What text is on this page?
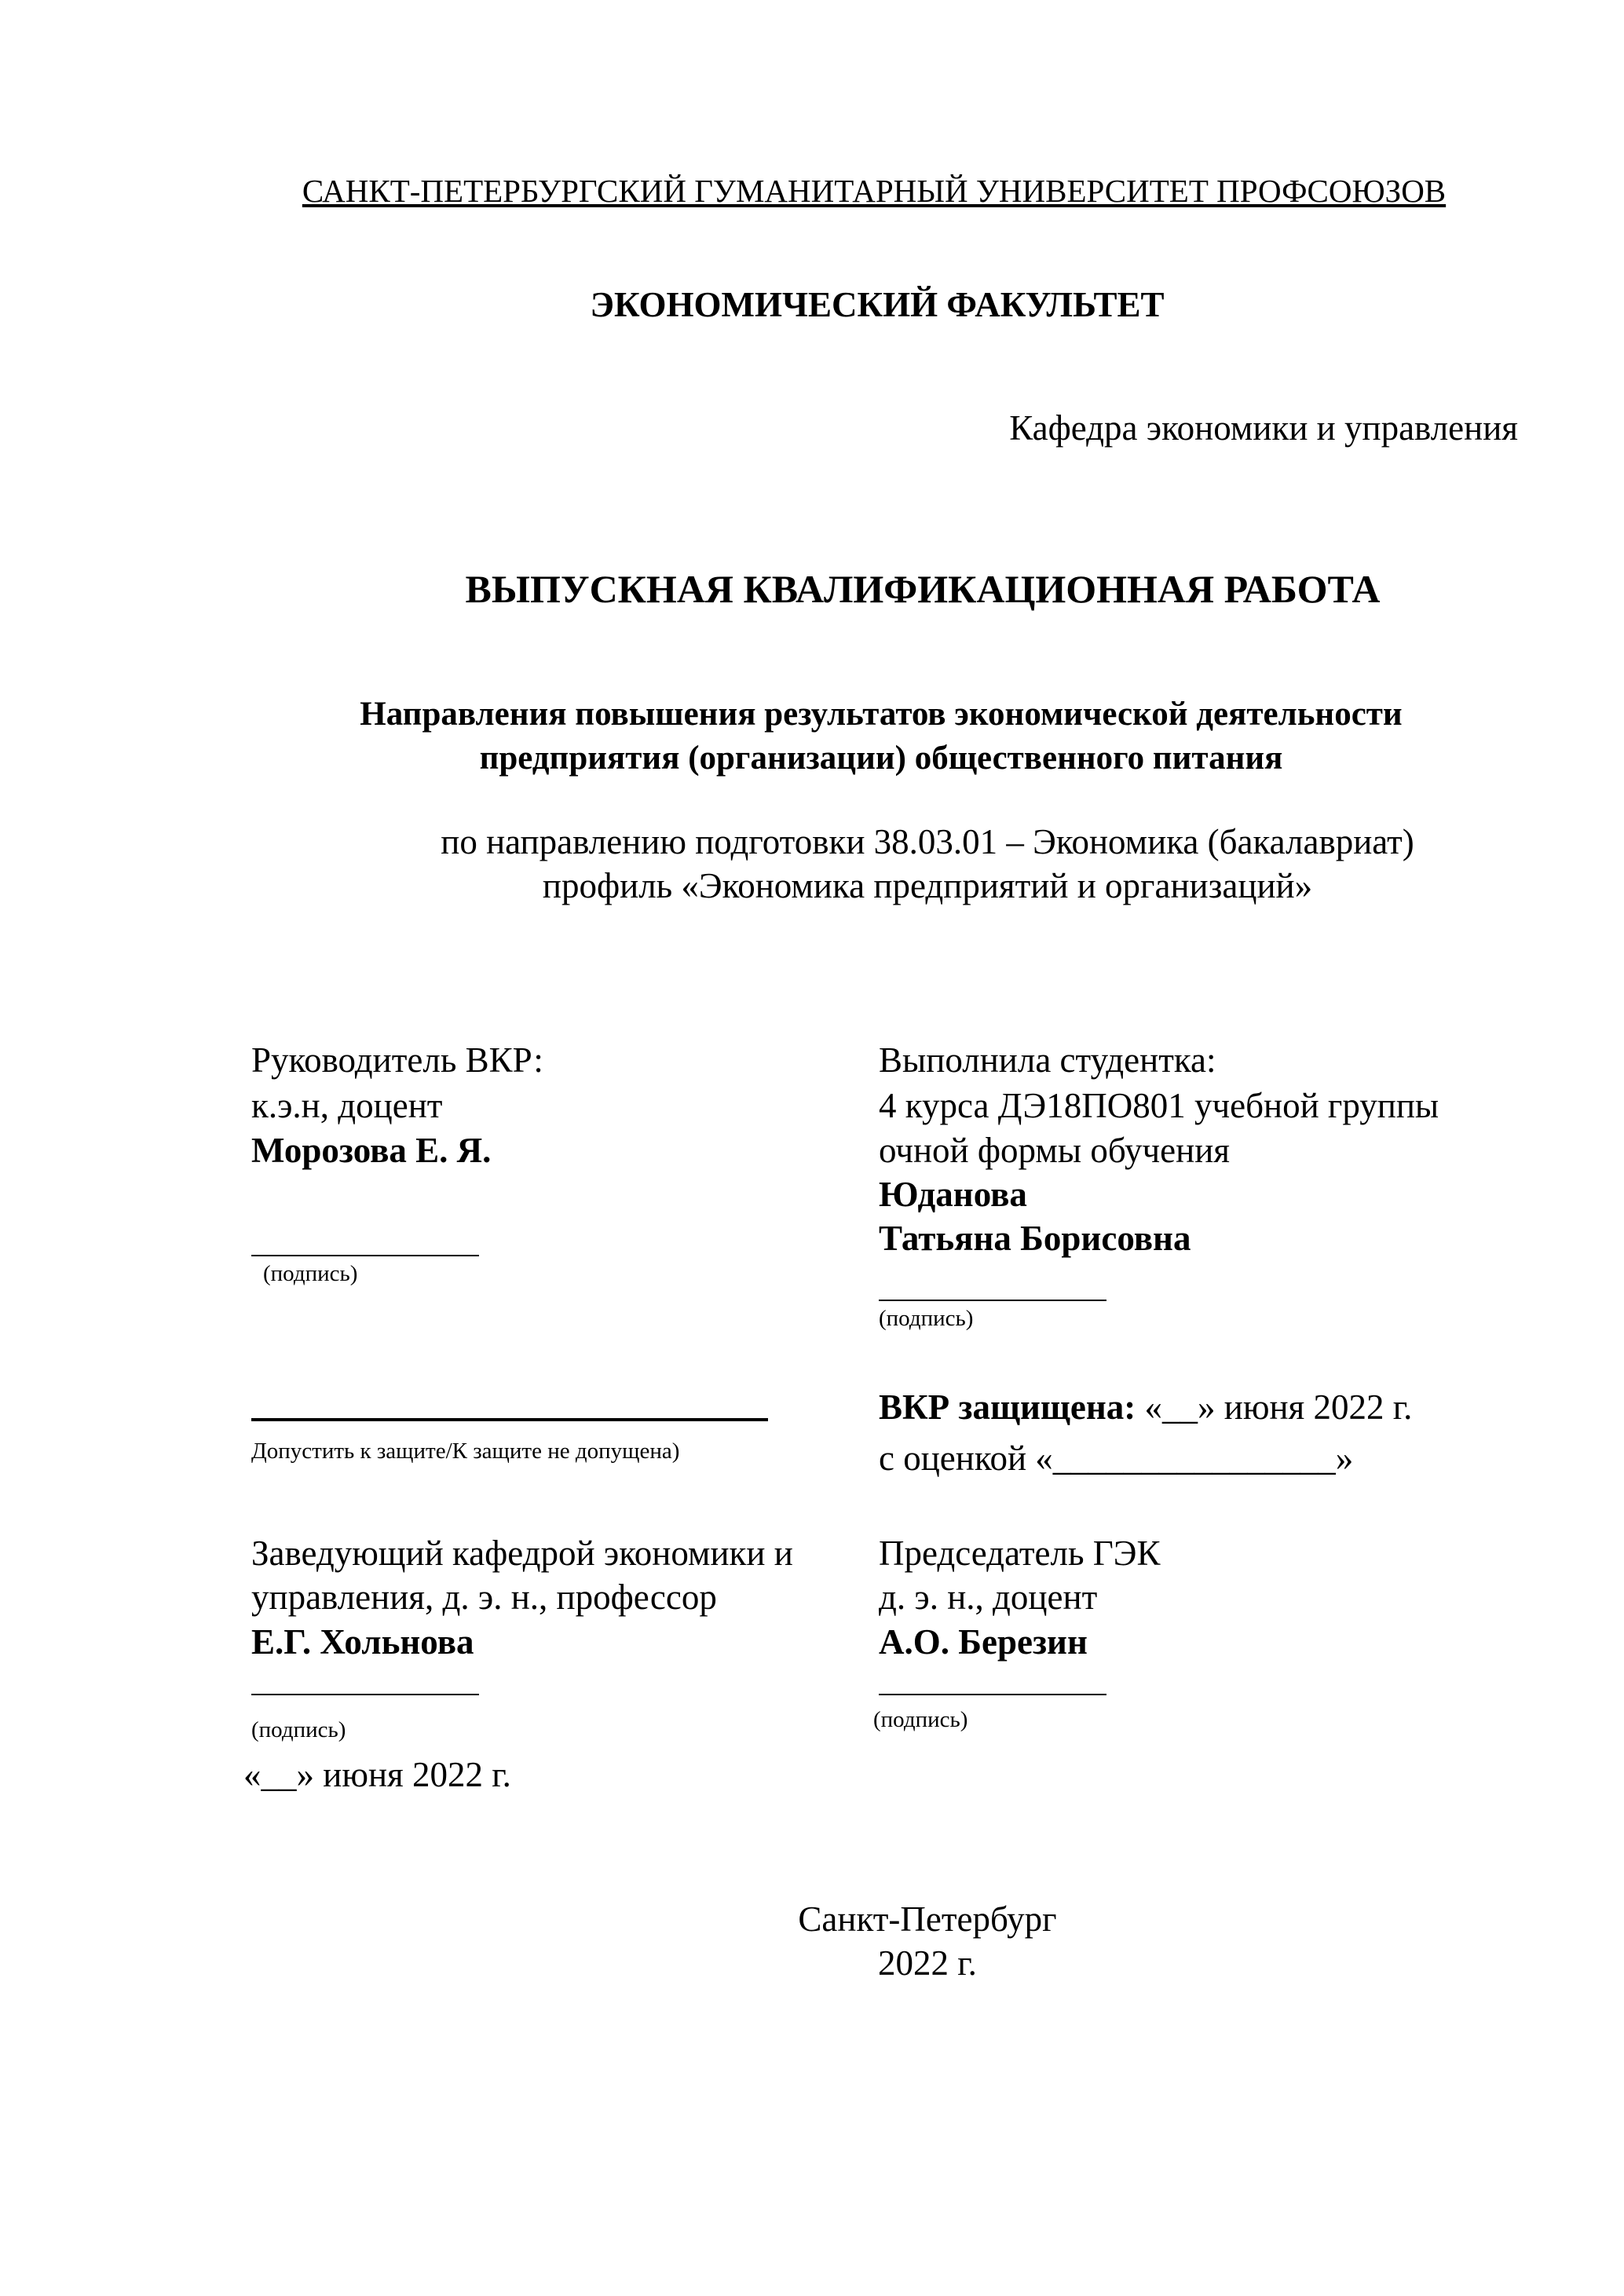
САНКТ-ПЕТЕРБУРГСКИЙ ГУМАНИТАРНЫЙ УНИВЕРСИТЕТ ПРОФСОЮЗОВ
ЭКОНОМИЧЕСКИЙ ФАКУЛЬТЕТ
Кафедра экономики и управления
ВЫПУСКНАЯ КВАЛИФИКАЦИОННАЯ РАБОТА
Направления повышения результатов экономической деятельности
предприятия (организации) общественного питания
по направлению подготовки 38.03.01 – Экономика (бакалавриат)
профиль «Экономика предприятий и организаций»
Руководитель ВКР:
к.э.н, доцент
Морозова Е. Я.
(подпись)
Выполнила студентка:
4 курса ДЭ18ПО801 учебной группы
очной формы обучения
Юданова
Татьяна Борисовна
(подпись)
Допустить к защите/К защите не допущена)
ВКР защищена: «__» июня 2022 г.
с оценкой «________________»
Заведующий кафедрой экономики и
управления, д. э. н., профессор
Е.Г. Хольнова
(подпись)
«__» июня 2022 г.
Председатель ГЭК
д. э. н., доцент
А.О. Березин
(подпись)
Санкт-Петербург
2022 г.
